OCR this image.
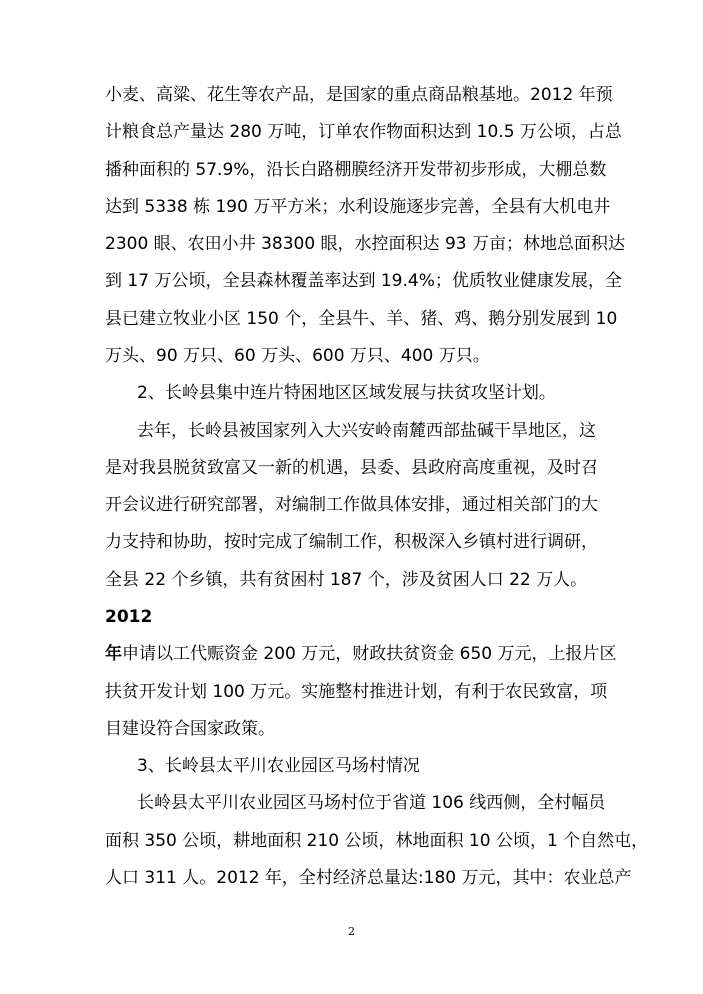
小麦、高粱、花生等农产品，是国家的重点商品粮基地。2012 年预
计粮食总产量达 280 万吨，订单农作物面积达到 10.5 万公顷，占总
播种面积的 57.9%，沿长白路棚膜经济开发带初步形成，大棚总数
达到 5338 栋 190 万平方米；水利设施逐步完善，全县有大机电井
2300 眼、农田小井 38300 眼，水控面积达 93 万亩；林地总面积达
到 17 万公顷，全县森林覆盖率达到 19.4%；优质牧业健康发展，全
县已建立牧业小区 150 个，全县牛、羊、猪、鸡、鹅分别发展到 10
万头、90 万只、60 万头、600 万只、400 万只。
2、长岭县集中连片特困地区区域发展与扶贫攻坚计划。
去年，长岭县被国家列入大兴安岭南麓西部盐碱干旱地区，这
是对我县脱贫致富又一新的机遇，县委、县政府高度重视，及时召
开会议进行研究部署，对编制工作做具体安排，通过相关部门的大
力支持和协助，按时完成了编制工作，积极深入乡镇村进行调研，
全县 22 个乡镇，共有贫困村 187 个，涉及贫困人口 22 万人。
2012
年申请以工代赈资金 200 万元，财政扶贫资金 650 万元，上报片区
扶贫开发计划 100 万元。实施整村推进计划，有利于农民致富，项
目建设符合国家政策。
3、长岭县太平川农业园区马场村情况
长岭县太平川农业园区马场村位于省道 106 线西侧，全村幅员
面积 350 公顷，耕地面积 210 公顷，林地面积 10 公顷，1 个自然屯，
人口 311 人。2012 年，全村经济总量达:180 万元，其中：农业总产
2
